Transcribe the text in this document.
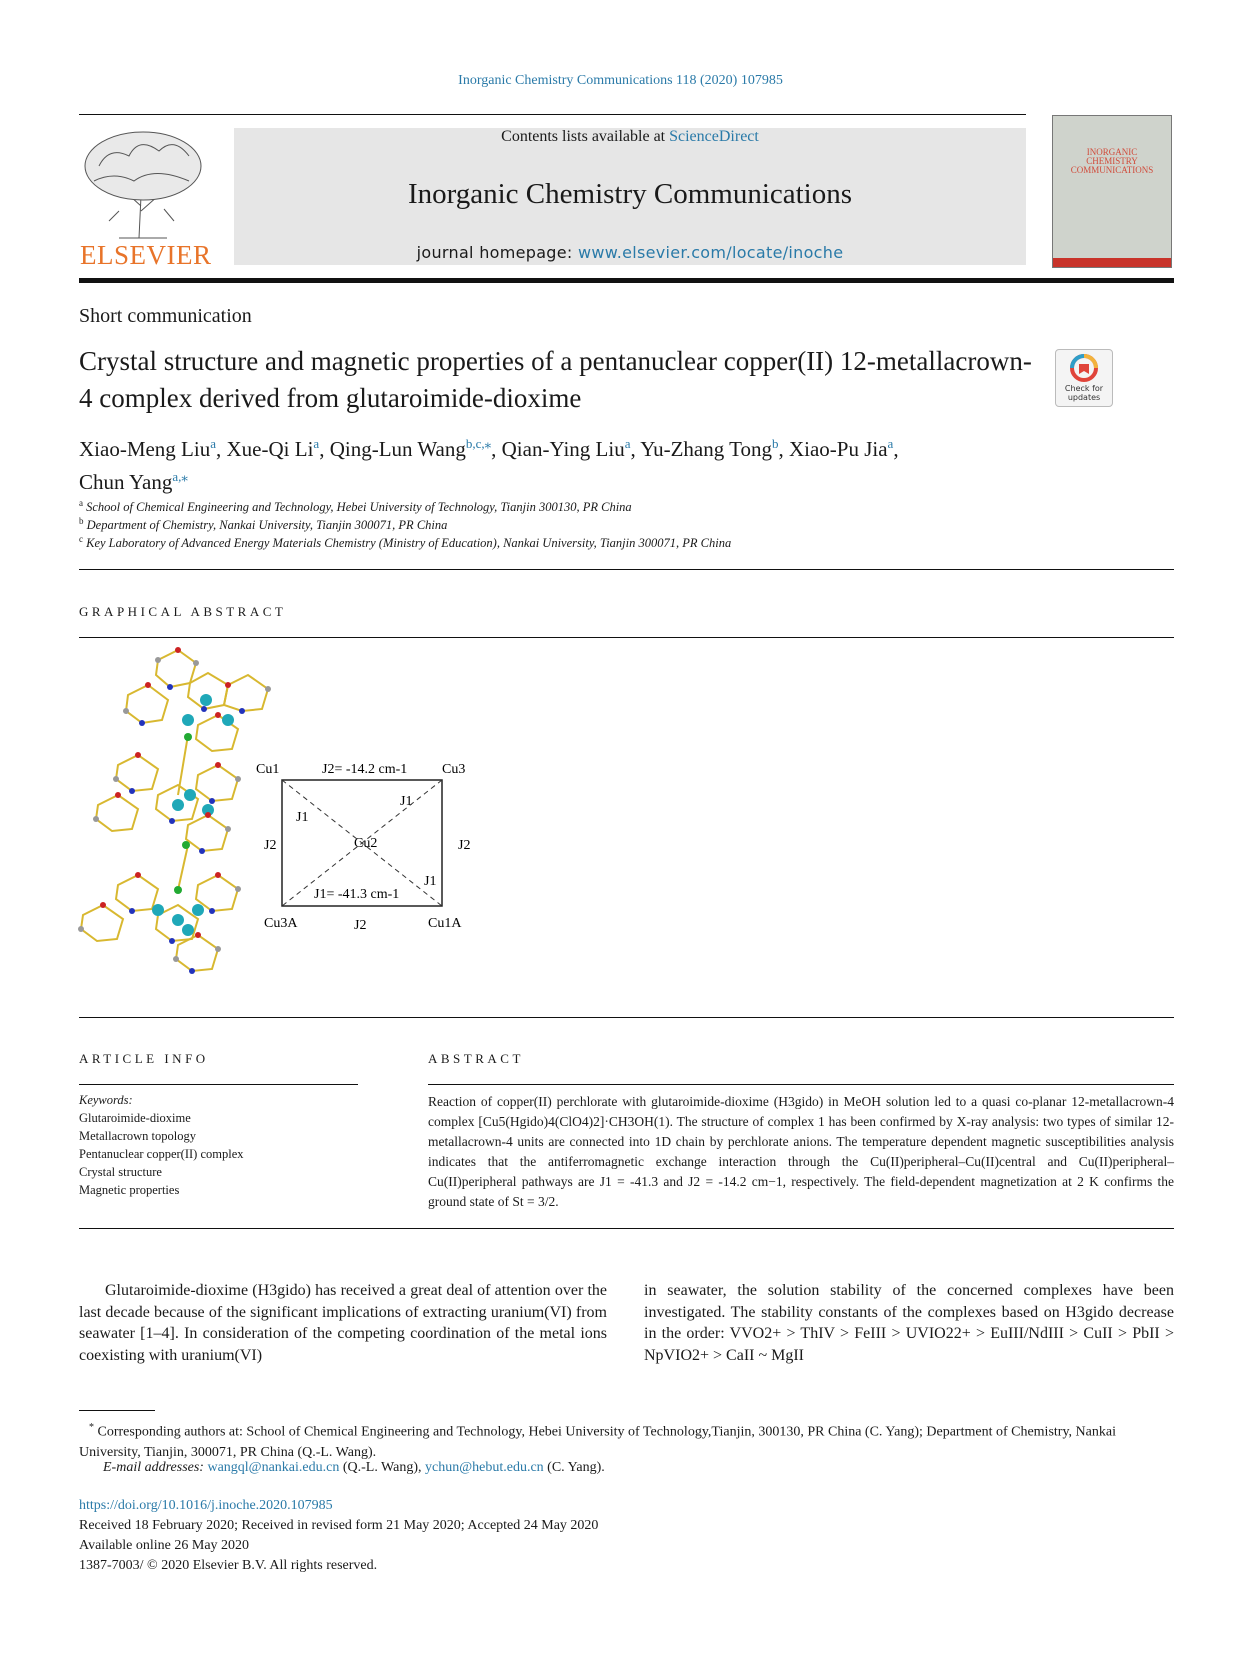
Inorganic Chemistry Communications 118 (2020) 107985
ELSEVIER
Contents lists available at ScienceDirect
Inorganic Chemistry Communications
journal homepage: www.elsevier.com/locate/inoche
INORGANIC
CHEMISTRY
COMMUNICATIONS
Short communication
Crystal structure and magnetic properties of a pentanuclear copper(II) 12-metallacrown-4 complex derived from glutaroimide-dioxime	Check for
updates
Xiao-Meng Liu$^a$, Xue-Qi Li$^a$, Qing-Lun Wang$^{b,c,⁎}$, Qian-Ying Liu$^a$, Yu-Zhang Tong$^b$, Xiao-Pu Jia$^a$,
Chun Yang$^{a,⁎}$
$^a$ School of Chemical Engineering and Technology, Hebei University of Technology, Tianjin 300130, PR China
$^b$ Department of Chemistry, Nankai University, Tianjin 300071, PR China
$^c$ Key Laboratory of Advanced Energy Materials Chemistry (Ministry of Education), Nankai University, Tianjin 300071, PR China
GRAPHICAL ABSTRACT
Cu1	Cu3
J2= -14.2 cm-1
J1
J1
J2	J2
Cu2
J1
J1= -41.3 cm-1
Cu3A	J2	Cu1A
ARTICLE INFO
Keywords:
Glutaroimide-dioxime
Metallacrown topology
Pentanuclear copper(II) complex
Crystal structure
Magnetic properties
ABSTRACT
Reaction of copper(II) perchlorate with glutaroimide-dioxime (H3gido) in MeOH solution led to a quasi co-planar 12-metallacrown-4 complex [Cu5(Hgido)4(ClO4)2]·CH3OH(1). The structure of complex 1 has been confirmed by X-ray analysis: two types of similar 12-metallacrown-4 units are connected into 1D chain by perchlorate anions. The temperature dependent magnetic susceptibilities analysis indicates that the antiferromagnetic exchange interaction through the Cu(II)peripheral–Cu(II)central and Cu(II)peripheral–Cu(II)peripheral pathways are J1 = -41.3 and J2 = -14.2 cm−1, respectively. The field-dependent magnetization at 2 K confirms the ground state of St = 3/2.
Glutaroimide-dioxime (H3gido) has received a great deal of attention over the last decade because of the significant implications of extracting uranium(VI) from seawater [1–4]. In consideration of the competing coordination of the metal ions coexisting with uranium(VI)
in seawater, the solution stability of the concerned complexes have been investigated. The stability constants of the complexes based on H3gido decrease in the order: VVO2+ > ThIV > FeIII > UVIO22+ > EuIII/NdIII > CuII > PbII > NpVIO2+ > CaII ~ MgII
* Corresponding authors at: School of Chemical Engineering and Technology, Hebei University of Technology,Tianjin, 300130, PR China (C. Yang); Department of Chemistry, Nankai University, Tianjin, 300071, PR China (Q.-L. Wang).
E-mail addresses: wangql@nankai.edu.cn (Q.-L. Wang), ychun@hebut.edu.cn (C. Yang).
https://doi.org/10.1016/j.inoche.2020.107985
Received 18 February 2020; Received in revised form 21 May 2020; Accepted 24 May 2020
Available online 26 May 2020
1387-7003/ © 2020 Elsevier B.V. All rights reserved.
